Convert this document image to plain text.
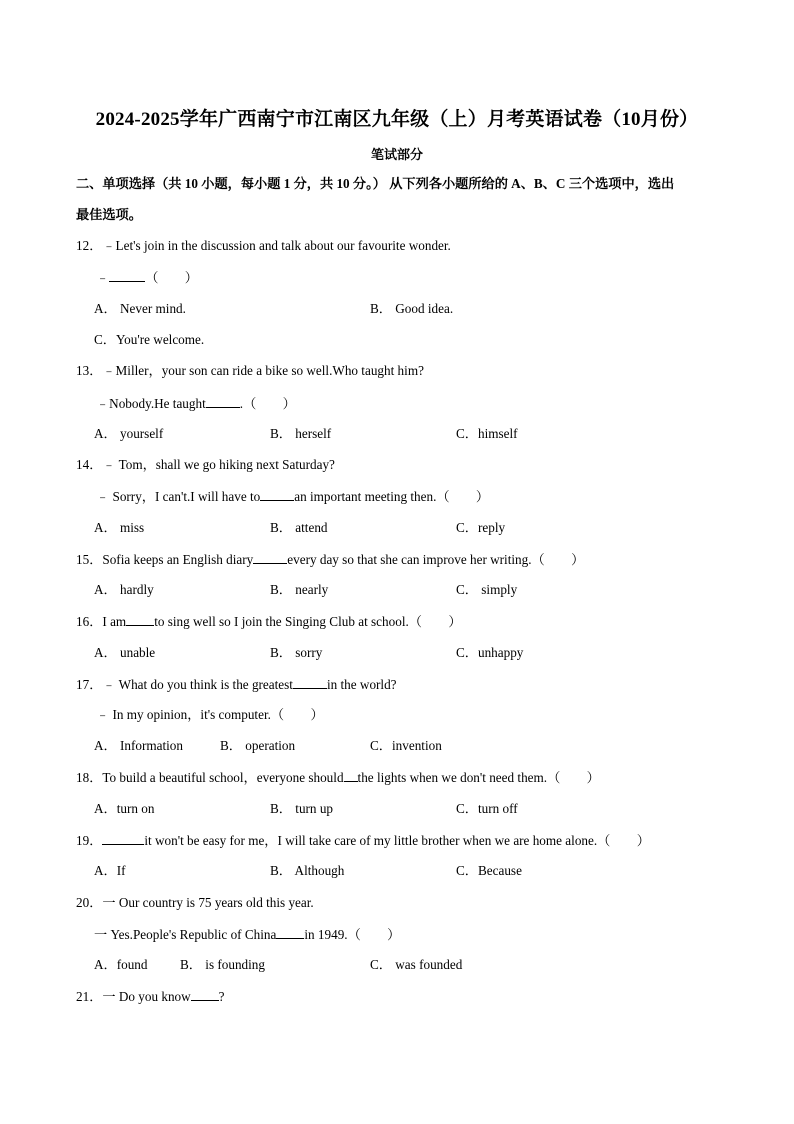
2024-2025学年广西南宁市江南区九年级（上）月考英语试卷（10月份）
笔试部分
二、单项选择（共 10 小题，每小题 1 分，共 10 分。） 从下列各小题所给的 A、B、C 三个选项中，选出
最佳选项。
12．﹣Let's join in the discussion and talk about our favourite wonder.
﹣	（　　）
A． Never mind.	B． Good idea.
C．You're welcome.
13．﹣Miller，your son can ride a bike so well.Who taught him?
﹣Nobody.He taught	.（　　）
A． yourself	B． herself	C．himself
14．﹣ Tom，shall we go hiking next Saturday?
﹣ Sorry，I can't.I will have to	an important meeting then.（　　）
A． miss	B． attend	C．reply
15．Sofia keeps an English diary	every day so that she can improve her writing.（　　）
A． hardly	B． nearly	C． simply
16．I am to sing well so I join the Singing Club at school.（　　）
A． unable	B． sorry	C．unhappy
17．﹣ What do you think is the greatest	in the world?
﹣ In my opinion，it's computer.（　　）
A． Information	B． operation	C．invention
18．To build a beautiful school，everyone should the lights when we don't need them.（　　）
A．turn on	B． turn up	C．turn off
19．	it won't be easy for me，I will take care of my little brother when we are home alone.（　　）
A．If	B． Although	C．Because
20．一 Our country is 75 years old this year.
一 Yes.People's Republic of China in 1949.（　　）
A．found B． is founding	C． was founded
21．一 Do you know ?
